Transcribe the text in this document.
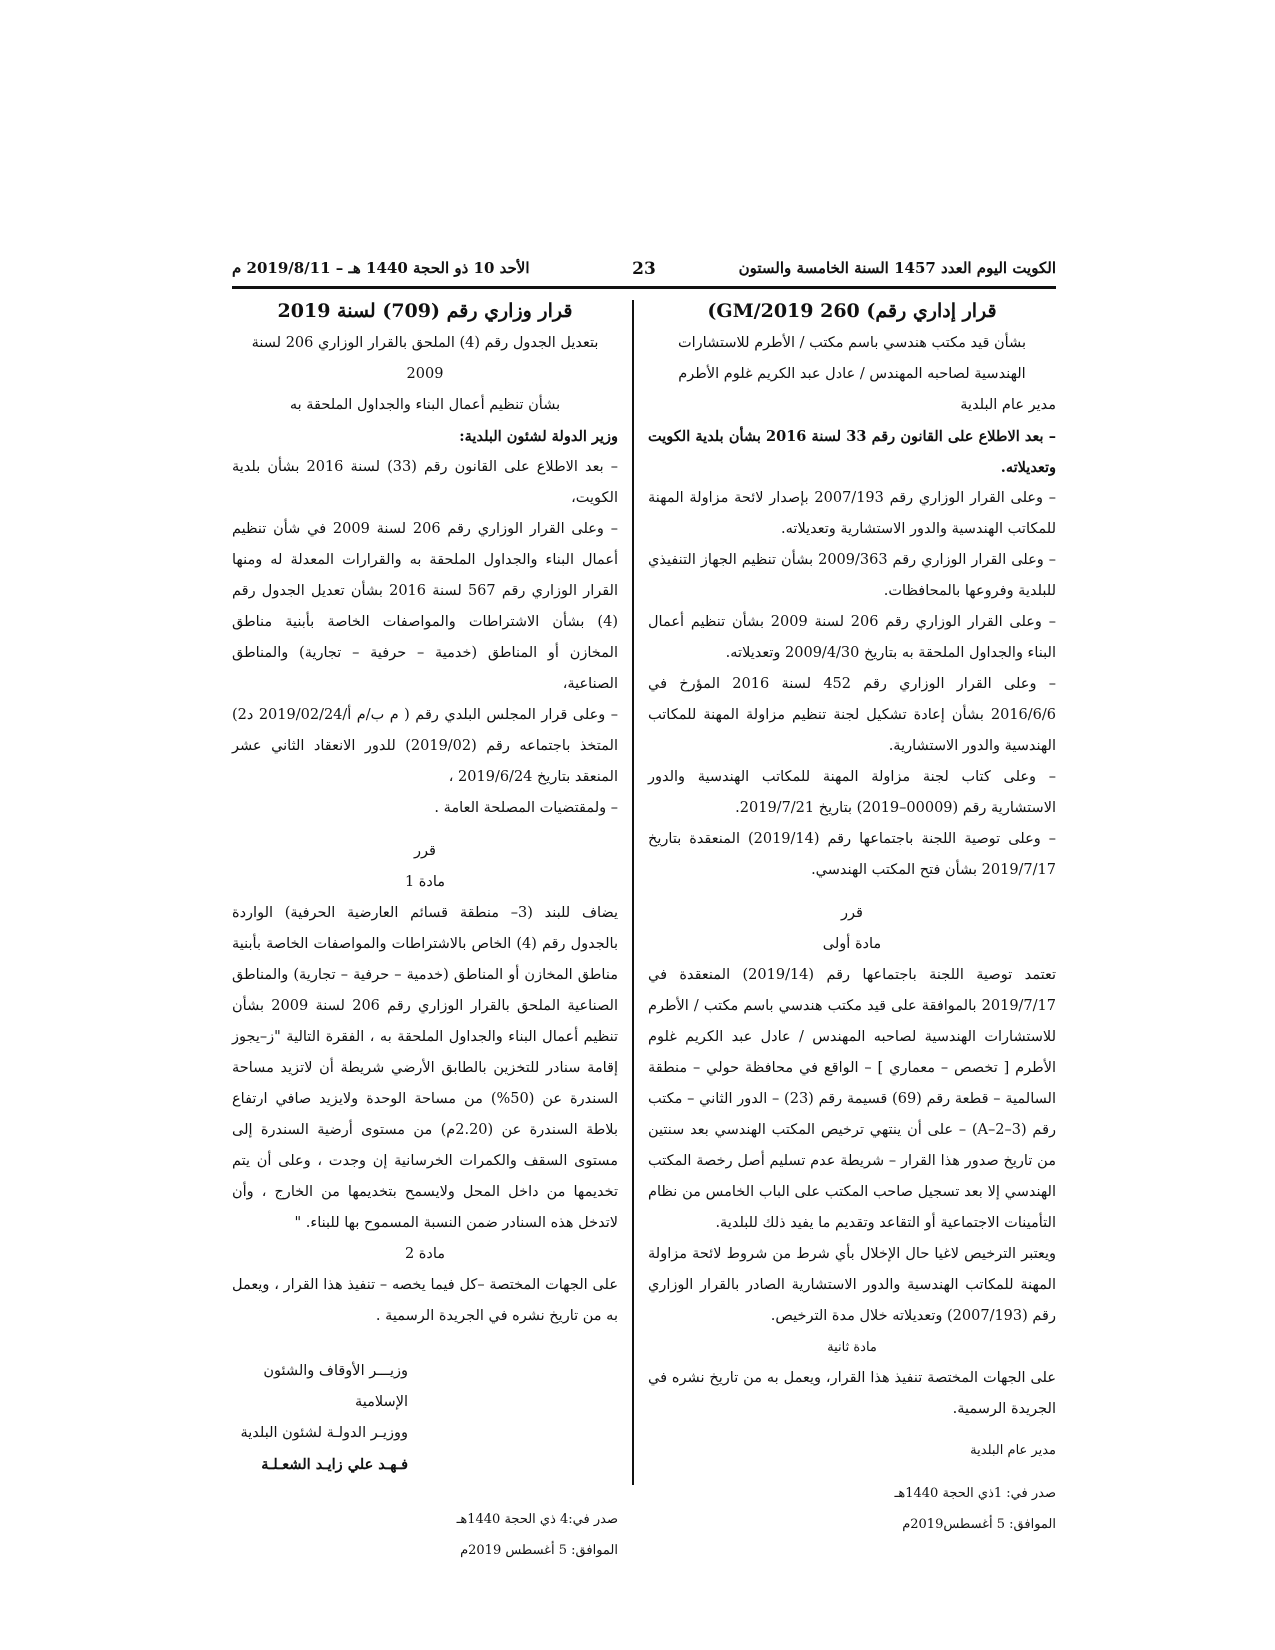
الكويت اليوم العدد 1457 السنة الخامسة والستون
23
الأحد 10 ذو الحجة 1440 هـ – 2019/8/11 م
قرار إداري رقم) 260 2019/GM)
بشأن قيد مكتب هندسي باسم مكتب / الأطرم للاستشارات
الهندسية لصاحبه المهندس / عادل عبد الكريم غلوم الأطرم
مدير عام البلدية

– بعد الاطلاع على القانون رقم 33 لسنة 2016 بشأن بلدية الكويت وتعديلاته.

– وعلى القرار الوزاري رقم 2007/193 بإصدار لائحة مزاولة المهنة للمكاتب الهندسية والدور الاستشارية وتعديلاته.

– وعلى القرار الوزاري رقم 2009/363 بشأن تنظيم الجهاز التنفيذي للبلدية وفروعها بالمحافظات.

– وعلى القرار الوزاري رقم 206 لسنة 2009 بشأن تنظيم أعمال البناء والجداول الملحقة به بتاريخ 2009/4/30 وتعديلاته.

– وعلى القرار الوزاري رقم 452 لسنة 2016 المؤرخ في 2016/6/6 بشأن إعادة تشكيل لجنة تنظيم مزاولة المهنة للمكاتب الهندسية والدور الاستشارية.

– وعلى كتاب لجنة مزاولة المهنة للمكاتب الهندسية والدور الاستشارية رقم (00009–2019) بتاريخ 2019/7/21.

– وعلى توصية اللجنة باجتماعها رقم (2019/14) المنعقدة بتاريخ 2019/7/17 بشأن فتح المكتب الهندسي.

قرر
مادة أولى

تعتمد توصية اللجنة باجتماعها رقم (2019/14) المنعقدة في 2019/7/17 بالموافقة على قيد مكتب هندسي باسم مكتب / الأطرم للاستشارات الهندسية لصاحبه المهندس / عادل عبد الكريم غلوم الأطرم [ تخصص – معماري ] – الواقع في محافظة حولي – منطقة السالمية – قطعة رقم (69) قسيمة رقم (23) – الدور الثاني – مكتب رقم (3–2–A) – على أن ينتهي ترخيص المكتب الهندسي بعد سنتين من تاريخ صدور هذا القرار – شريطة عدم تسليم أصل رخصة المكتب الهندسي إلا بعد تسجيل صاحب المكتب على الباب الخامس من نظام التأمينات الاجتماعية أو التقاعد وتقديم ما يفيد ذلك للبلدية.

ويعتبر الترخيص لاغيا حال الإخلال بأي شرط من شروط لائحة مزاولة المهنة للمكاتب الهندسية والدور الاستشارية الصادر بالقرار الوزاري رقم (2007/193) وتعديلاته خلال مدة الترخيص.

مادة ثانية

على الجهات المختصة تنفيذ هذا القرار، ويعمل به من تاريخ نشره في الجريدة الرسمية.

مدير عام البلدية
صدر في: 1ذي الحجة 1440هـ
الموافق: 5 أغسطس2019م
قرار وزاري رقم (709) لسنة 2019
بتعديل الجدول رقم (4) الملحق بالقرار الوزاري 206 لسنة 2009
بشأن تنظيم أعمال البناء والجداول الملحقة به
وزير الدولة لشئون البلدية:

– بعد الاطلاع على القانون رقم (33) لسنة 2016 بشأن بلدية الكويت،

– وعلى القرار الوزاري رقم 206 لسنة 2009 في شأن تنظيم أعمال البناء والجداول الملحقة به والقرارات المعدلة له ومنها القرار الوزاري رقم 567 لسنة 2016 بشأن تعديل الجدول رقم (4) بشأن الاشتراطات والمواصفات الخاصة بأبنية مناطق المخازن أو المناطق (خدمية – حرفية – تجارية) والمناطق الصناعية،

– وعلى قرار المجلس البلدي رقم ( م ب/م أ/2019/02/24 د2) المتخذ باجتماعه رقم (2019/02) للدور الانعقاد الثاني عشر المنعقد بتاريخ 2019/6/24 ،

– ولمقتضيات المصلحة العامة .

قرر
مادة 1

يضاف للبند (3– منطقة قسائم العارضية الحرفية) الواردة بالجدول رقم (4) الخاص بالاشتراطات والمواصفات الخاصة بأبنية مناطق المخازن أو المناطق (خدمية – حرفية – تجارية) والمناطق الصناعية الملحق بالقرار الوزاري رقم 206 لسنة 2009 بشأن تنظيم أعمال البناء والجداول الملحقة به ، الفقرة التالية "ز–يجوز إقامة سنادر للتخزين بالطابق الأرضي شريطة أن لاتزيد مساحة السندرة عن (50%) من مساحة الوحدة ولايزيد صافي ارتفاع بلاطة السندرة عن (2.20م) من مستوى أرضية السندرة إلى مستوى السقف والكمرات الخرسانية إن وجدت ، وعلى أن يتم تخديمها من داخل المحل ولايسمح بتخديمها من الخارج ، وأن لاتدخل هذه السنادر ضمن النسبة المسموح بها للبناء. "

مادة 2

على الجهات المختصة –كل فيما يخصه – تنفيذ هذا القرار ، ويعمل به من تاريخ نشره في الجريدة الرسمية .

وزيـــر الأوقاف والشئون الإسلامية
ووزيـر الدولـة لشئون البلدية
فـهـد علي زايـد الشعـلـة
صدر في:4 ذي الحجة 1440هـ
الموافق: 5 أغسطس 2019م
